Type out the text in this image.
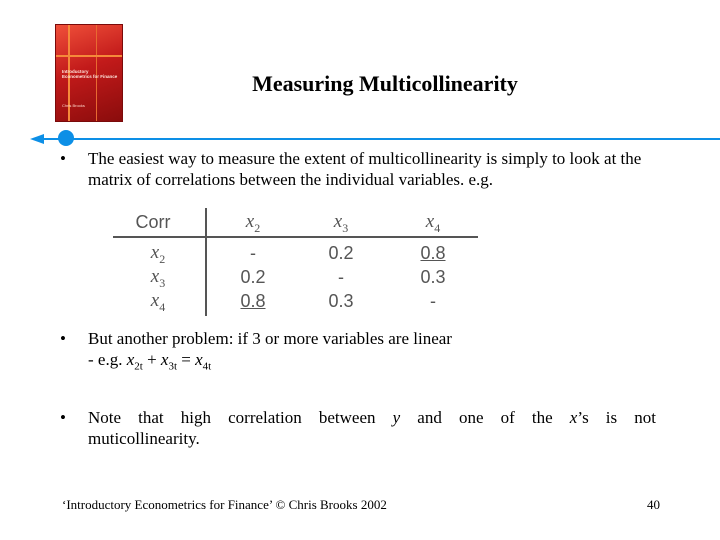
Introductory Econometrics for Finance
Chris Brooks
Measuring Multicollinearity
• The easiest way to measure the extent of multicollinearity is simply to look at the matrix of correlations between the individual variables. e.g.
Corr	$x_2$	$x_3$	$x_4$
$x_2$	-	0.2	0.8
$x_3$	0.2	-	0.3
$x_4$	0.8	0.3	-
• But another problem: if 3 or more variables are linear
- e.g. $x_{2t} + x_{3t} = x_{4t}$
• Note that high correlation between y and one of the x’s is not
muticollinearity.
‘Introductory Econometrics for Finance’ © Chris Brooks 2002	40
